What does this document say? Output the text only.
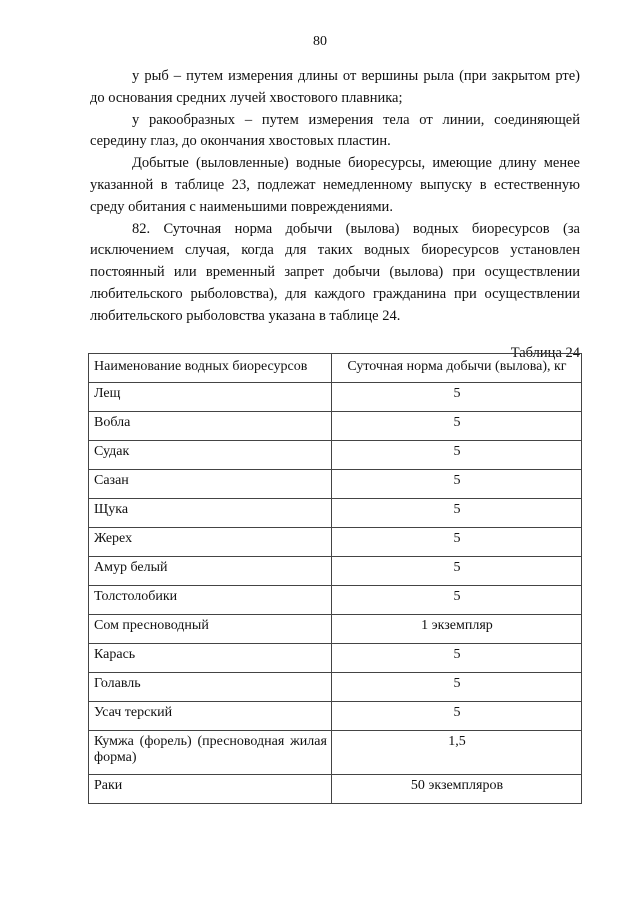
80

у рыб – путем измерения длины от вершины рыла (при закрытом рте) до основания средних лучей хвостового плавника;

у ракообразных – путем измерения тела от линии, соединяющей середину глаз, до окончания хвостовых пластин.

Добытые (выловленные) водные биоресурсы, имеющие длину менее указанной в таблице 23, подлежат немедленному выпуску в естественную среду обитания с наименьшими повреждениями.

82. Суточная норма добычи (вылова) водных биоресурсов (за исключением случая, когда для таких водных биоресурсов установлен постоянный или временный запрет добычи (вылова) при осуществлении любительского рыболовства), для каждого гражданина при осуществлении любительского рыболовства указана в таблице 24.

Таблица 24
Наименование водных биоресурсов	Суточная норма добычи (вылова), кг
Лещ	5
Вобла	5
Судак	5
Сазан	5
Щука	5
Жерех	5
Амур белый	5
Толстолобики	5
Сом пресноводный	1 экземпляр
Карась	5
Голавль	5
Усач терский	5
Кумжа (форель) (пресноводная жилая форма)	1,5
Раки	50 экземпляров
